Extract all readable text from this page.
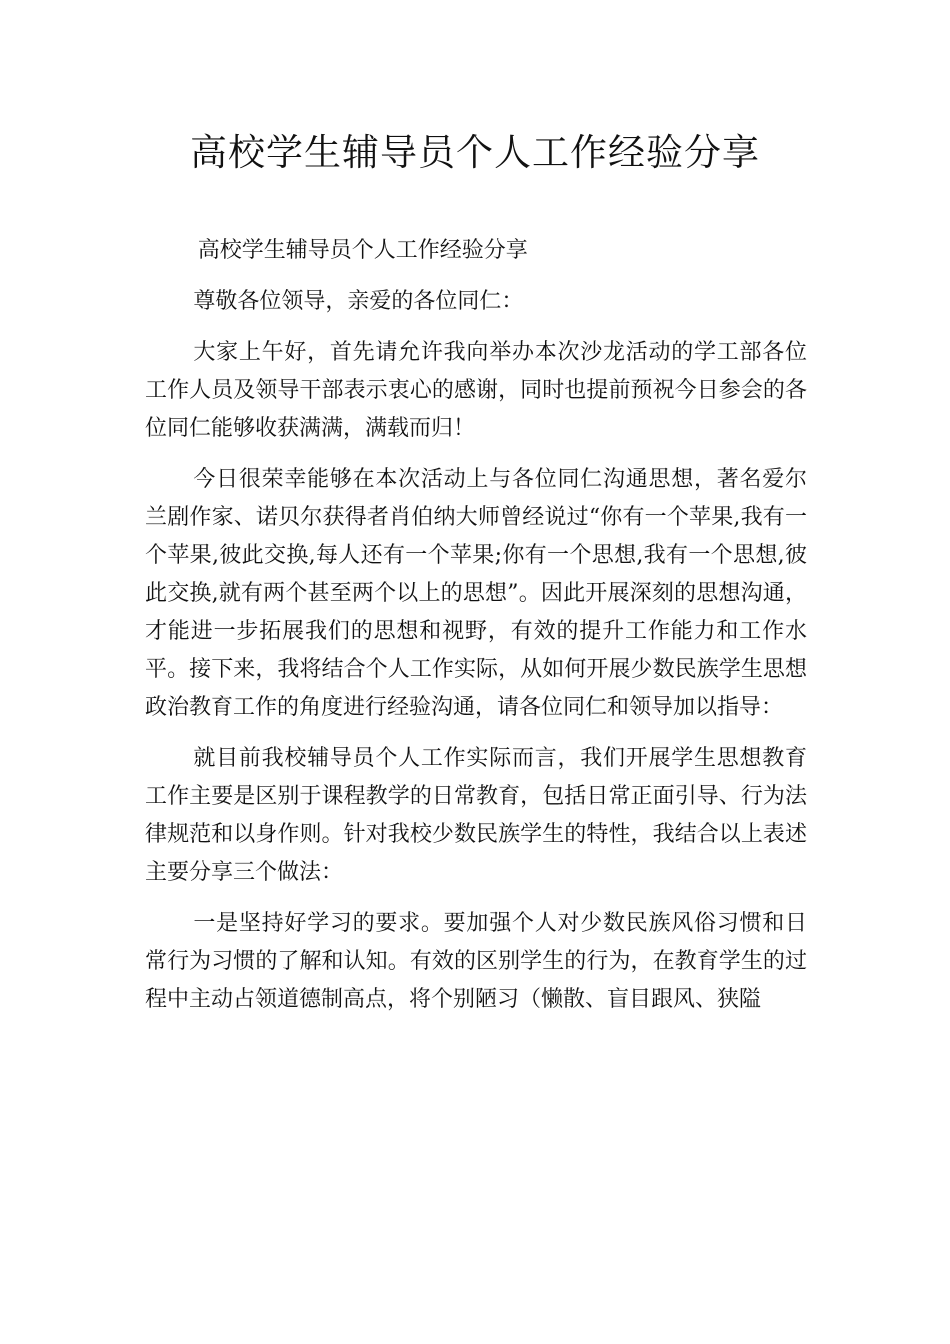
高校学生辅导员个人工作经验分享

高校学生辅导员个人工作经验分享

尊敬各位领导，亲爱的各位同仁：

大家上午好，首先请允许我向举办本次沙龙活动的学工部各位工作人员及领导干部表示衷心的感谢，同时也提前预祝今日参会的各位同仁能够收获满满，满载而归！

今日很荣幸能够在本次活动上与各位同仁沟通思想，著名爱尔兰剧作家、诺贝尔获得者肖伯纳大师曾经说过“你有一个苹果,我有一个苹果,彼此交换,每人还有一个苹果;你有一个思想,我有一个思想,彼此交换,就有两个甚至两个以上的思想”。因此开展深刻的思想沟通，才能进一步拓展我们的思想和视野，有效的提升工作能力和工作水平。接下来，我将结合个人工作实际，从如何开展少数民族学生思想政治教育工作的角度进行经验沟通，请各位同仁和领导加以指导：

就目前我校辅导员个人工作实际而言，我们开展学生思想教育工作主要是区别于课程教学的日常教育，包括日常正面引导、行为法律规范和以身作则。针对我校少数民族学生的特性，我结合以上表述主要分享三个做法：

一是坚持好学习的要求。要加强个人对少数民族风俗习惯和日常行为习惯的了解和认知。有效的区别学生的行为，在教育学生的过程中主动占领道德制高点，将个别陋习（懒散、盲目跟风、狭隘
